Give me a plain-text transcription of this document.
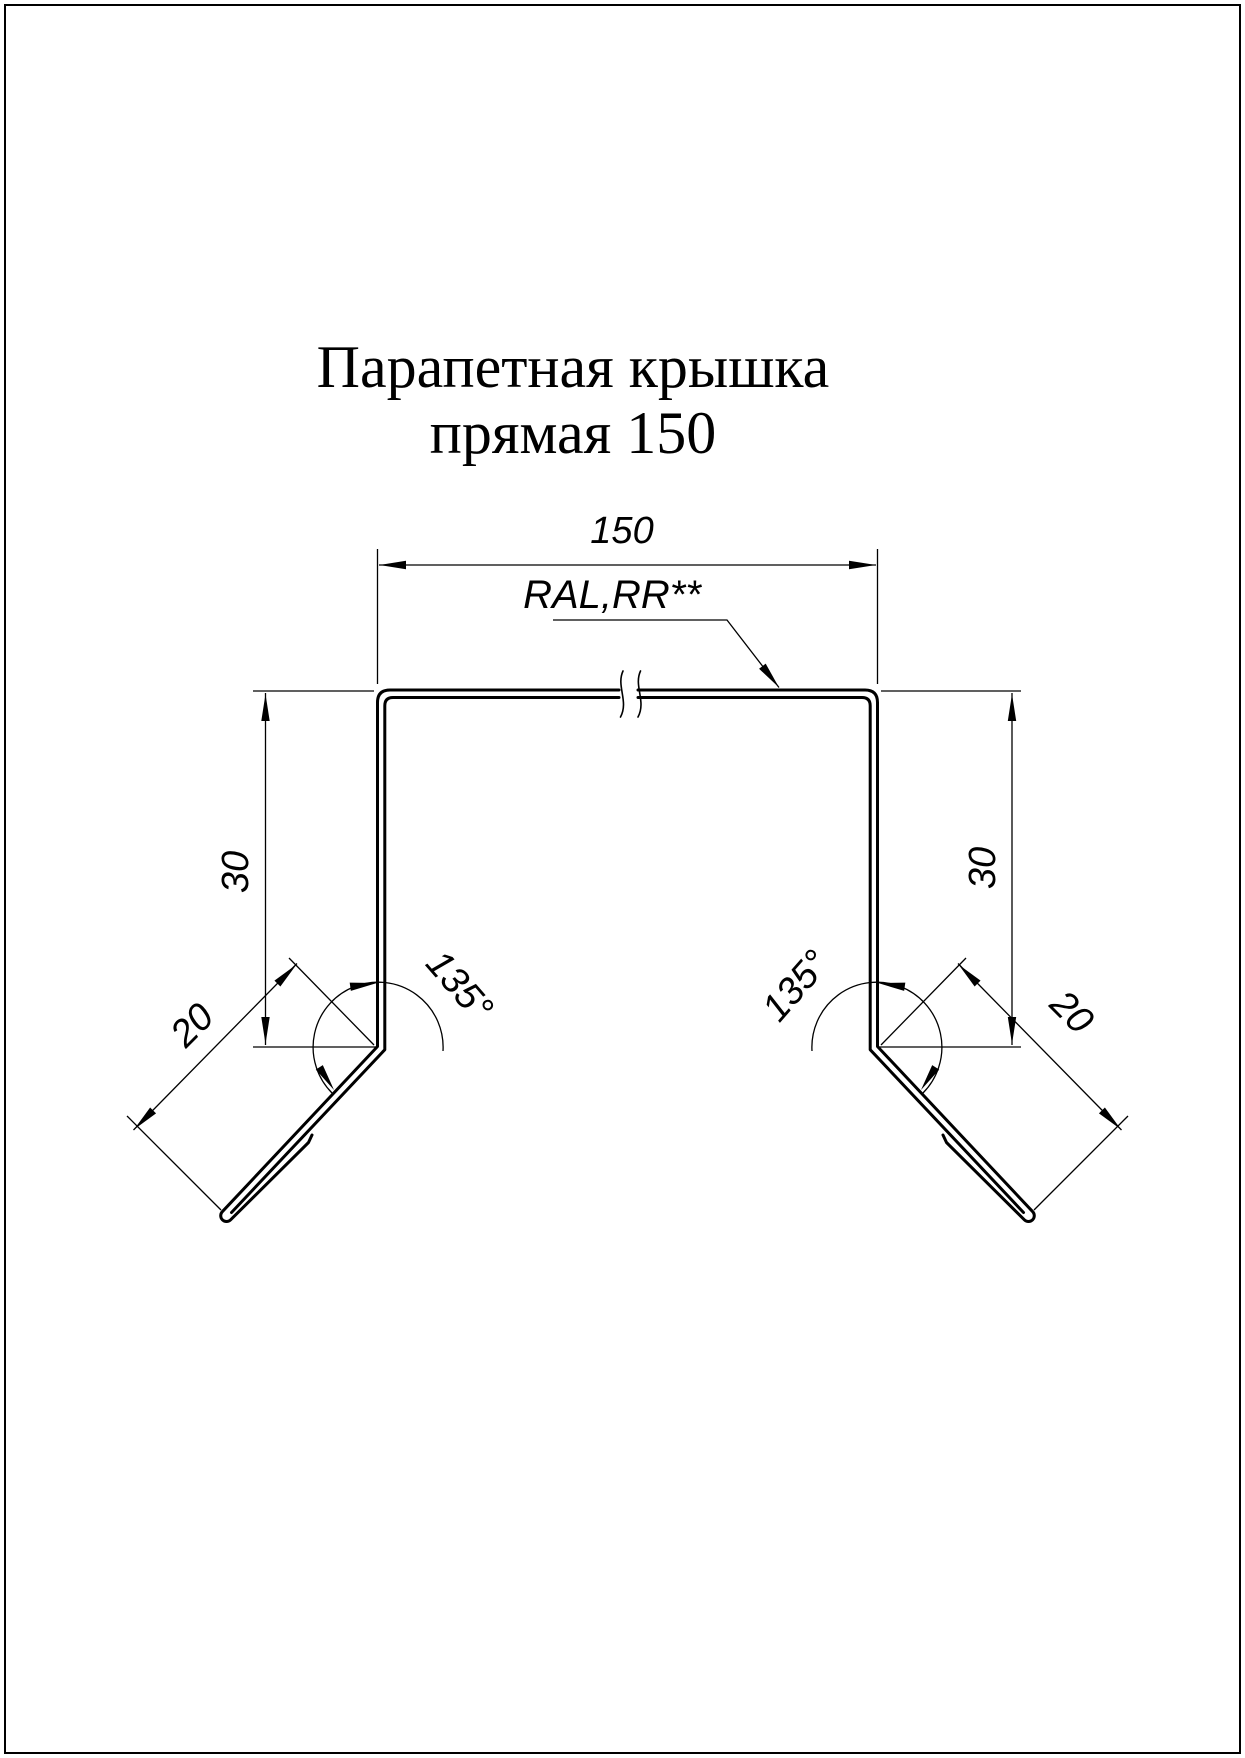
Парапетная крышка
прямая 150
150
RAL,RR**
30	30
20	20
135°	135°
